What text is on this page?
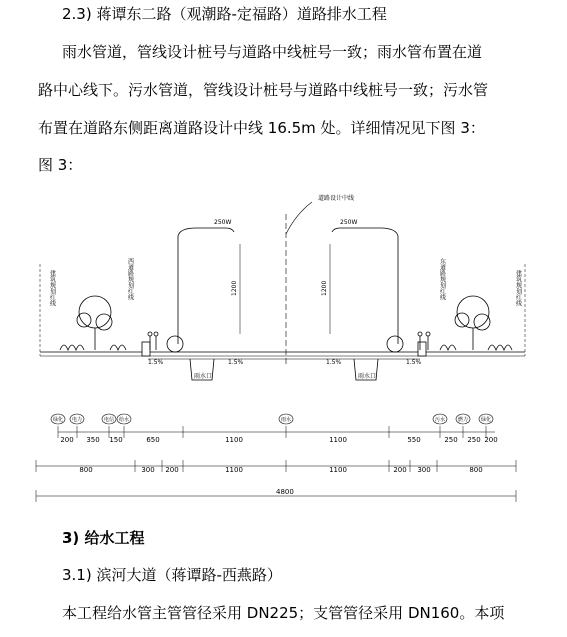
2.3) 蒋谭东二路（观潮路-定福路）道路排水工程
雨水管道，管线设计桩号与道路中线桩号一致；雨水管布置在道
路中心线下。污水管道，管线设计桩号与道路中线桩号一致；污水管
布置在道路东侧距离道路设计中线 16.5m 处。详细情况见下图 3：
图 3：
道路设计中线
250W	250W
1200	1200
1.5%	1.5%	1.5%	1.5%
雨水口	雨水口
4800
建筑规划红线	西道路规划红线	东道路规划红线	建筑规划红线
绿化 电力	电信 给水	雨水	污水	燃力	绿化
200 350 150	650	1100	1100	550	250 250 200
800	300 200	1100	1100	200 300	800
3) 给水工程
3.1) 滨河大道（蒋谭路-西燕路）
本工程给水管主管管径采用 DN225；支管管径采用 DN160。本项
